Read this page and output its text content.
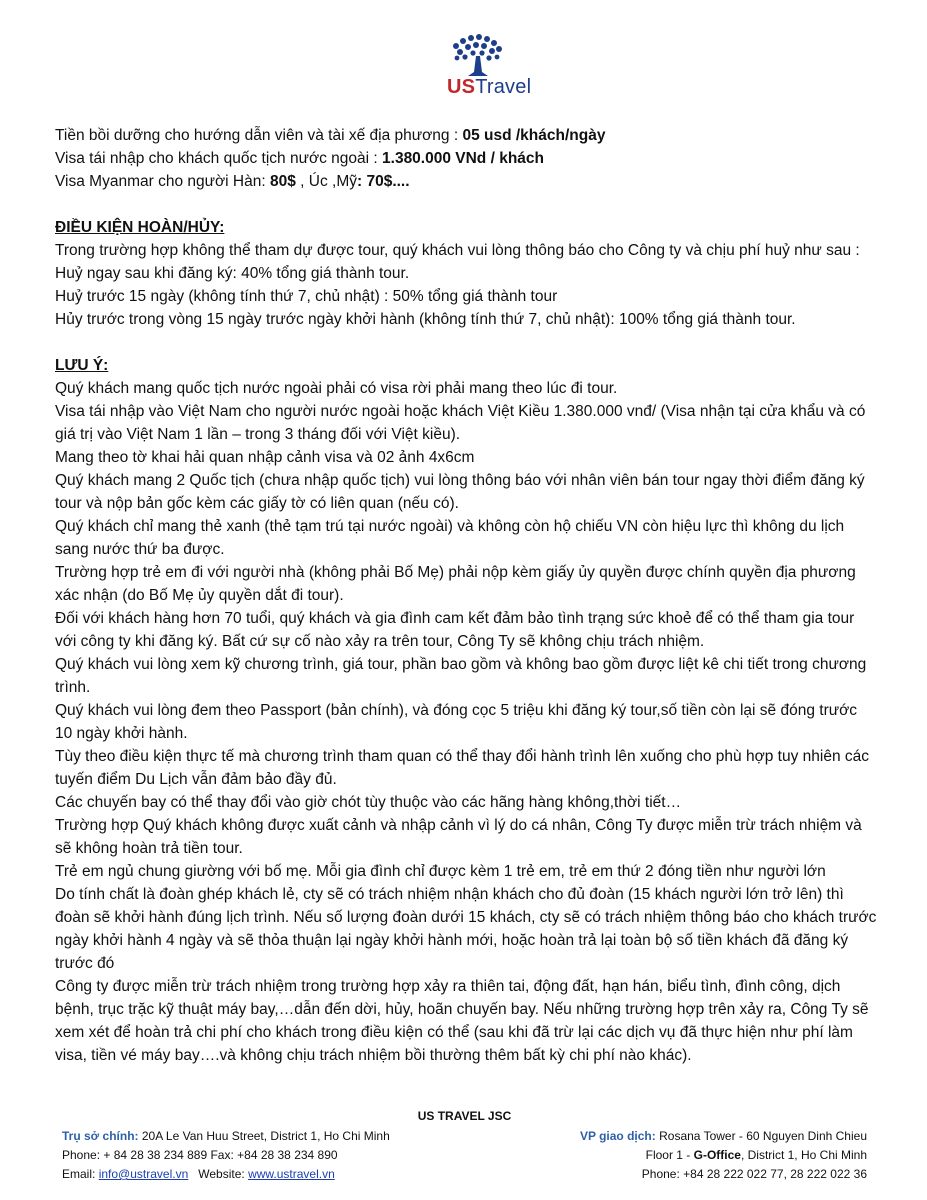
USTravel

Tiền bồi dưỡng cho hướng dẫn viên và tài xế địa phương : 05 usd /khách/ngày

Visa tái nhập cho khách quốc tịch nước ngoài : 1.380.000 VNd / khách

Visa Myanmar cho người Hàn: 80$ , Úc ,Mỹ: 70$....

ĐIỀU KIỆN HOÀN/HỦY:

Trong trường hợp không thể tham dự được tour, quý khách vui lòng thông báo cho Công ty và chịu phí huỷ như sau :

Huỷ ngay sau khi đăng ký: 40% tổng giá thành tour.

Huỷ trước 15 ngày (không tính thứ 7, chủ nhật) : 50% tổng giá thành tour

Hủy trước trong vòng 15 ngày trước ngày khởi hành (không tính thứ 7, chủ nhật): 100% tổng giá thành tour.

LƯU Ý:

Quý khách mang quốc tịch nước ngoài phải có visa rời phải mang theo lúc đi tour.

Visa tái nhập vào Việt Nam cho người nước ngoài hoặc khách Việt Kiều 1.380.000 vnđ/ (Visa nhận tại cửa khẩu và có giá trị vào Việt Nam 1 lần – trong 3 tháng đối với Việt kiều).

Mang theo tờ khai hải quan nhập cảnh visa và 02 ảnh 4x6cm

Quý khách mang 2 Quốc tịch (chưa nhập quốc tịch) vui lòng thông báo với nhân viên bán tour ngay thời điểm đăng ký tour và nộp bản gốc kèm các giấy tờ có liên quan (nếu có).

Quý khách chỉ mang thẻ xanh (thẻ tạm trú tại nước ngoài) và không còn hộ chiếu VN còn hiệu lực thì không du lịch sang nước thứ ba được.

Trường hợp trẻ em đi với người nhà (không phải Bố Mẹ) phải nộp kèm giấy ủy quyền được chính quyền địa phương xác nhận (do Bố Mẹ ủy quyền dắt đi tour).

Đối với khách hàng hơn 70 tuổi, quý khách và gia đình cam kết đảm bảo tình trạng sức khoẻ để có thể tham gia tour với công ty khi đăng ký. Bất cứ sự cố nào xảy ra trên tour, Công Ty sẽ không chịu trách nhiệm.

Quý khách vui lòng xem kỹ chương trình, giá tour, phần bao gồm và không bao gồm được liệt kê chi tiết trong chương trình.

Quý khách vui lòng đem theo Passport (bản chính), và đóng cọc 5 triệu khi đăng ký tour,số tiền còn lại sẽ đóng trước 10 ngày khởi hành.

Tùy theo điều kiện thực tế mà chương trình tham quan có thể thay đổi hành trình lên xuống cho phù hợp tuy nhiên các tuyến điểm Du Lịch vẫn đảm bảo đầy đủ.

Các chuyến bay có thể thay đổi vào giờ chót tùy thuộc vào các hãng hàng không,thời tiết…

Trường hợp Quý khách không được xuất cảnh và nhập cảnh vì lý do cá nhân, Công Ty được miễn trừ trách nhiệm và sẽ không hoàn trả tiền tour.

Trẻ em ngủ chung giường với bố mẹ. Mỗi gia đình chỉ được kèm 1 trẻ em, trẻ em thứ 2 đóng tiền như người lớn

Do tính chất là đoàn ghép khách lẻ, cty sẽ có trách nhiệm nhận khách cho đủ đoàn (15 khách người lớn trở lên) thì đoàn sẽ khởi hành đúng lịch trình. Nếu số lượng đoàn dưới 15 khách, cty sẽ có trách nhiệm thông báo cho khách trước ngày khởi hành 4 ngày và sẽ thỏa thuận lại ngày khởi hành mới, hoặc hoàn trả lại toàn bộ số tiền khách đã đăng ký trước đó

Công ty được miễn trừ trách nhiệm trong trường hợp xảy ra thiên tai, động đất, hạn hán, biểu tình, đình công, dịch bệnh, trục trặc kỹ thuật máy bay,…dẫn đến dời, hủy, hoãn chuyến bay. Nếu những trường hợp trên xảy ra, Công Ty sẽ xem xét để hoàn trả chi phí cho khách trong điều kiện có thể (sau khi đã trừ lại các dịch vụ đã thực hiện như phí làm visa, tiền vé máy bay….và không chịu trách nhiệm bồi thường thêm bất kỳ chi phí nào khác).

US TRAVEL JSC
Trụ sở chính: 20A Le Van Huu Street, District 1, Ho Chi Minh
Phone: + 84 28 38 234 889 Fax: +84 28 38 234 890
Email: info@ustravel.vn   Website: www.ustravel.vn
VP giao dịch: Rosana Tower - 60 Nguyen Dinh Chieu
Floor 1 - G-Office, District 1, Ho Chi Minh
Phone: +84 28 222 022 77, 28 222 022 36
